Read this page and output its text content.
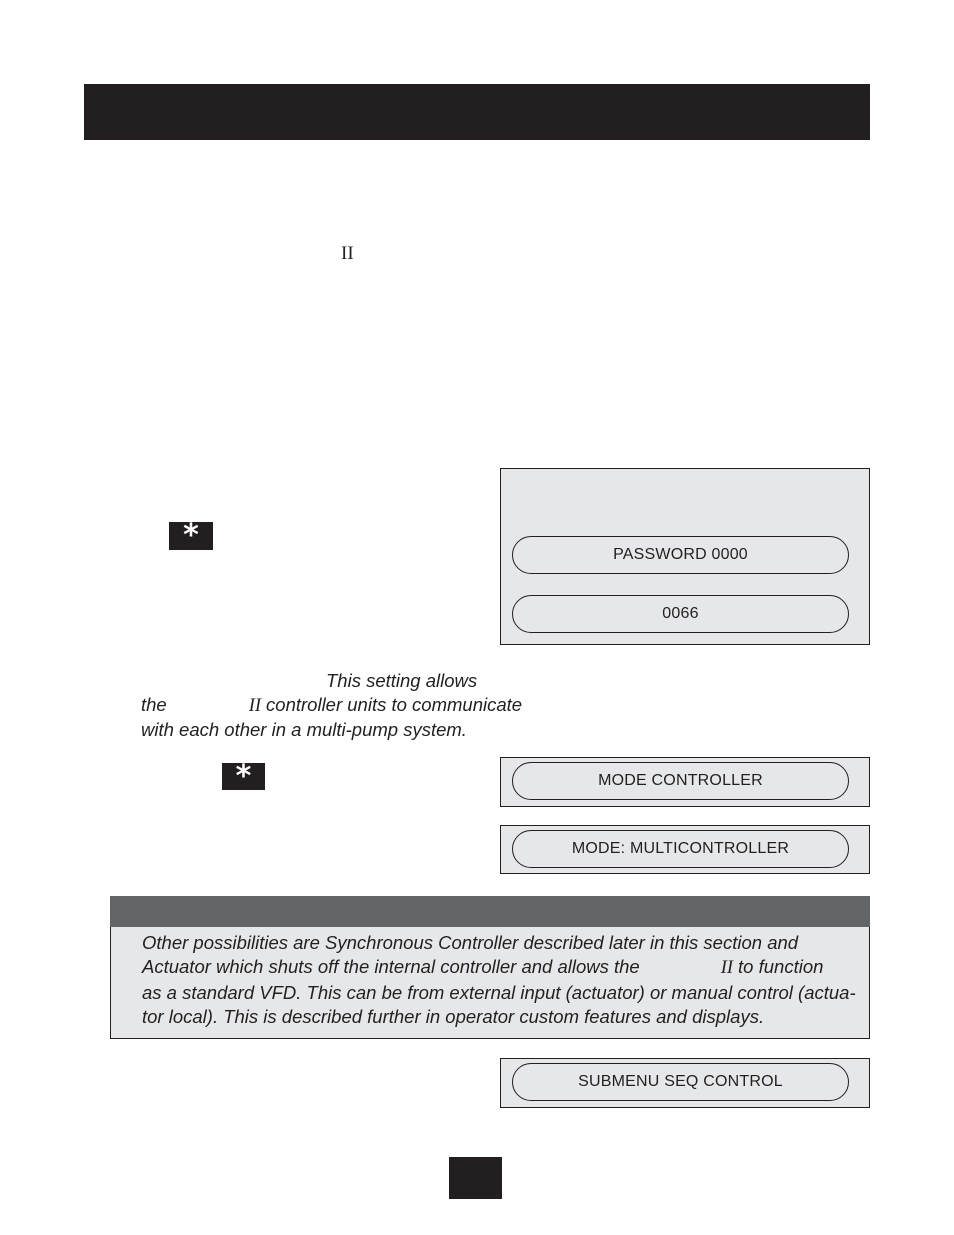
II
*
PASSWORD 0000
0066
This setting allows
the	II controller units to communicate
with each other in a multi-pump system.
*	MODE CONTROLLER
MODE: MULTICONTROLLER
Other possibilities are Synchronous Controller described later in this section and
Actuator which shuts off the internal controller and allows the	II to function
as a standard VFD. This can be from external input (actuator) or manual control (actua-
tor local). This is described further in operator custom features and displays.
SUBMENU SEQ CONTROL
